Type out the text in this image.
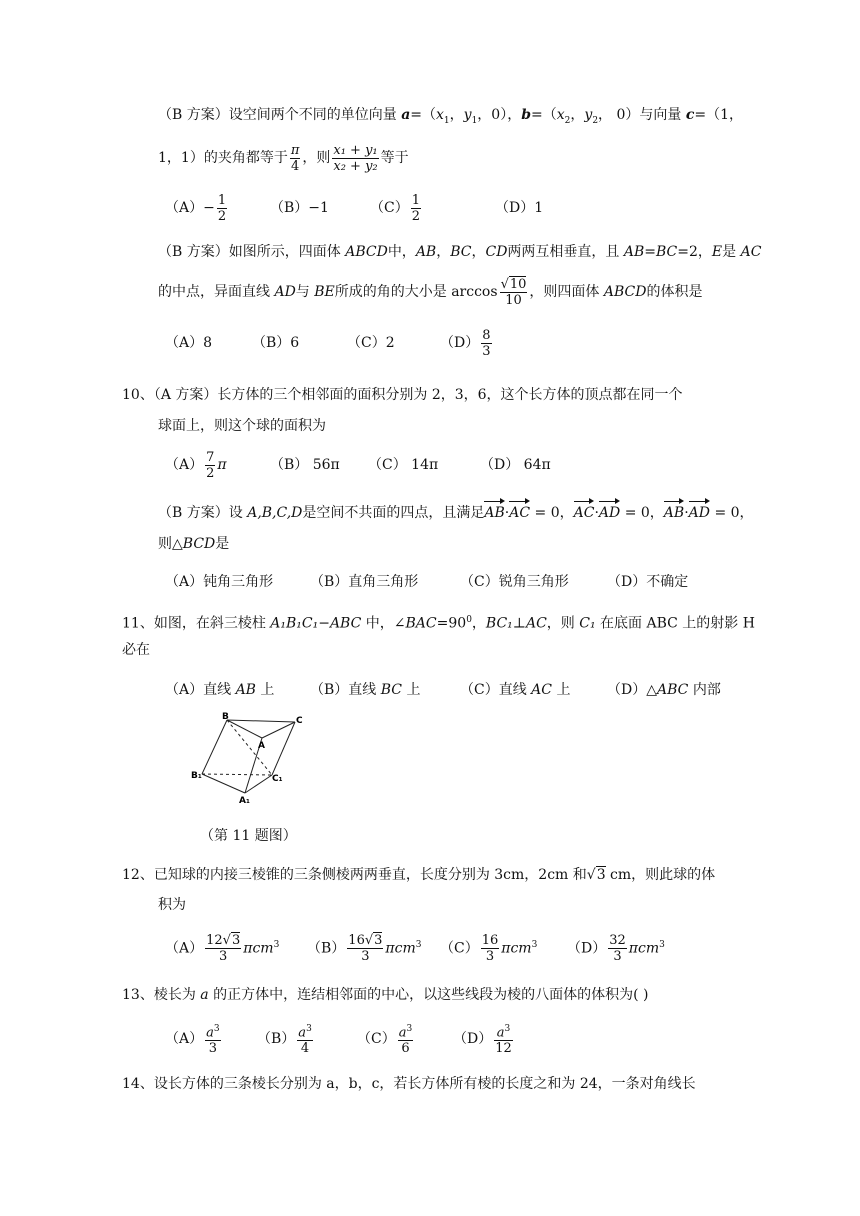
（B 方案）设空间两个不同的单位向量 $a=(x_1$，$y_1$，0），$b=(x_2$，$y_2$， 0）与向量 c=（1，
1，1）的夹角都等于 $\frac{\pi}{4}$ ，则 $\frac{\text{x₁ + y₁}}{\text{x₂ + y₂}}$ 等于
$(A)- \frac{1}{2}$	（B）−1	$(C) \frac{1}{2}$	（D）1
（B 方案）如图所示，四面体 ABCD中，AB，BC，CD两两互相垂直，且 AB=BC=2，E是 AC
的中点，异面直线 AD与 BE所成的角的大小是 $\arccos \frac{√10}{10}$ ，则四面体 ABCD的体积是
（A）8	（B）6	（C）2	$(D) \frac{8}{3}$
10、（A 方案）长方体的三个相邻面的面积分别为 2，3，6，这个长方体的顶点都在同一个
球面上，则这个球的面积为
$(A) \frac{7}{2}$ π	（B） 56π （C） 14π	（D） 64π
（B 方案）设 A,B,C,D是空间不共面的四点，且满足AB·AC = 0，AC·AD = 0，AB·AD = 0，
则△BCD是
（A）钝角三角形	（B）直角三角形	（C）锐角三角形	（D）不确定
11、如图，在斜三棱柱 A₁B₁C₁−ABC 中，$\angle BAC=90^0$，BC₁⊥AC，则 C₁ 在底面 ABC 上的射影 H
必在
（A）直线 AB 上	（B）直线 BC 上	（C）直线 AC 上	（D）△ABC 内部
B	C
A
B₁	C₁
A₁
（第 11 题图）
12、已知球的内接三棱锥的三条侧棱两两垂直，长度分别为 3cm，2cm 和√3 cm，则此球的体
积为
$(A) \frac{12√3}{3} \pi cm^3$ $(B) \frac{16√3}{3} \pi cm^3$ $(C) \frac{16}{3} \pi cm^3$ $(D) \frac{32}{3} \pi cm^3$
13、棱长为 a 的正方体中，连结相邻面的中心，以这些线段为棱的八面体的体积为( )
$(A) \frac{a^3}{3}$	$(B) \frac{a^3}{4}$	$(C) \frac{a^3}{6}$	$(D) \frac{a^3}{12}$
14、设长方体的三条棱长分别为 a，b，c，若长方体所有棱的长度之和为 24，一条对角线长
